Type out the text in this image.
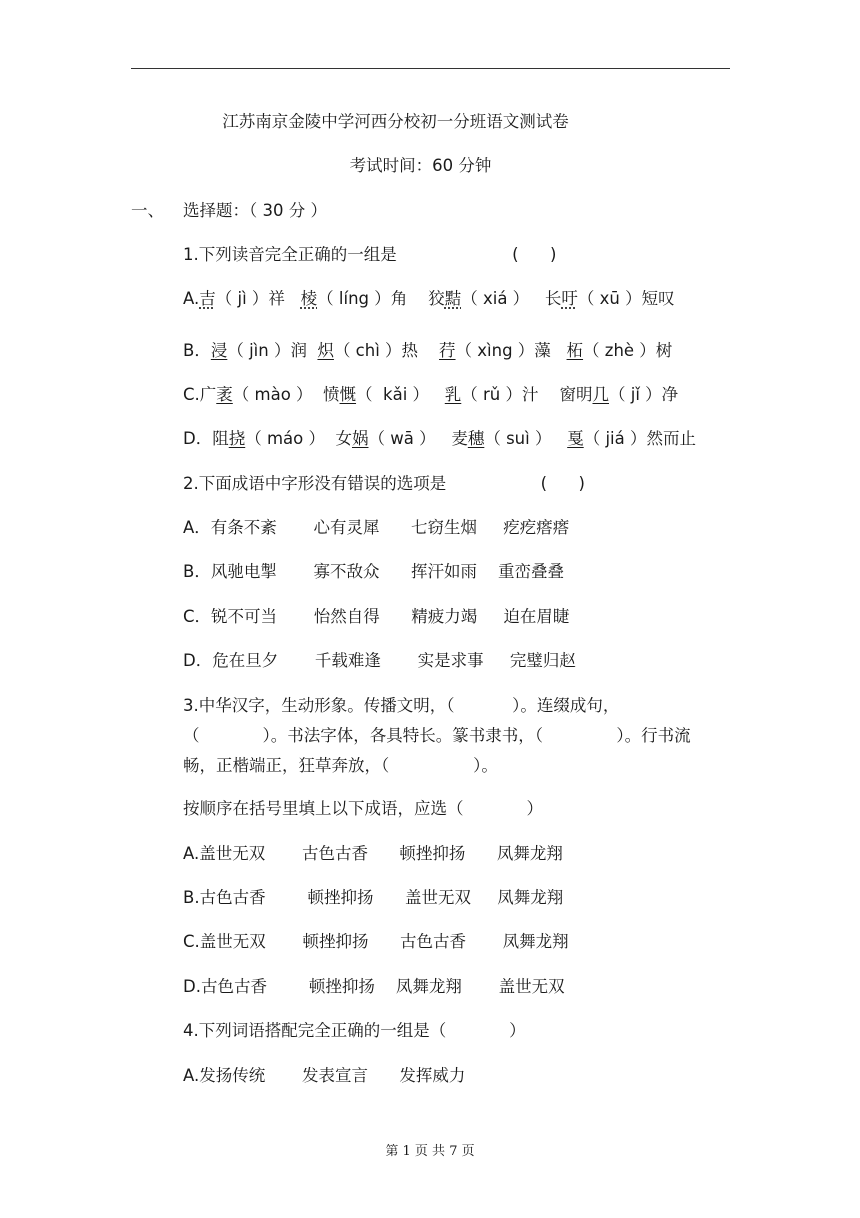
江苏南京金陵中学河西分校初一分班语文测试卷
考试时间：60 分钟
一、 选择题：（ 30 分 ）
1.下列读音完全正确的一组是                      (      )
A.吉（ jì ）祥   棱（ líng ）角    狡黠（ xiá ）   长吁（ xū ）短叹
B．浸（ jìn ）润  炽（ chì ）热    荇（ xìng ）藻   柘（ zhè ）树
C.广袤（ mào ）  愤慨（  kǎi ）   乳（ rǔ ）汁    窗明几（ jǐ ）净
D．阻挠（ máo ）  女娲（ wā ）   麦穗（ suì ）   戛（ jiá ）然而止
2.下面成语中字形没有错误的选项是                  (      )
A．有条不紊       心有灵犀      七窃生烟     疙疙瘩瘩
B．风驰电掣       寡不敌众      挥汗如雨    重峦叠叠
C．锐不可当       怡然自得      精疲力竭     迫在眉睫
D．危在旦夕       千载难逢       实是求事     完璧归赵
3.中华汉字，生动形象。传播文明，（           ）。连缀成句，
（            ）。书法字体，各具特长。篆书隶书，（              ）。行书流
畅，正楷端正，狂草奔放，（                ）。
按顺序在括号里填上以下成语，应选（            ）
A.盖世无双       古色古香      顿挫抑扬      凤舞龙翔
B.古色古香        顿挫抑扬      盖世无双     凤舞龙翔
C.盖世无双       顿挫抑扬      古色古香       凤舞龙翔
D.古色古香        顿挫抑扬    凤舞龙翔       盖世无双
4.下列词语搭配完全正确的一组是（            ）
A.发扬传统       发表宣言      发挥威力
第 1 页 共 7 页
